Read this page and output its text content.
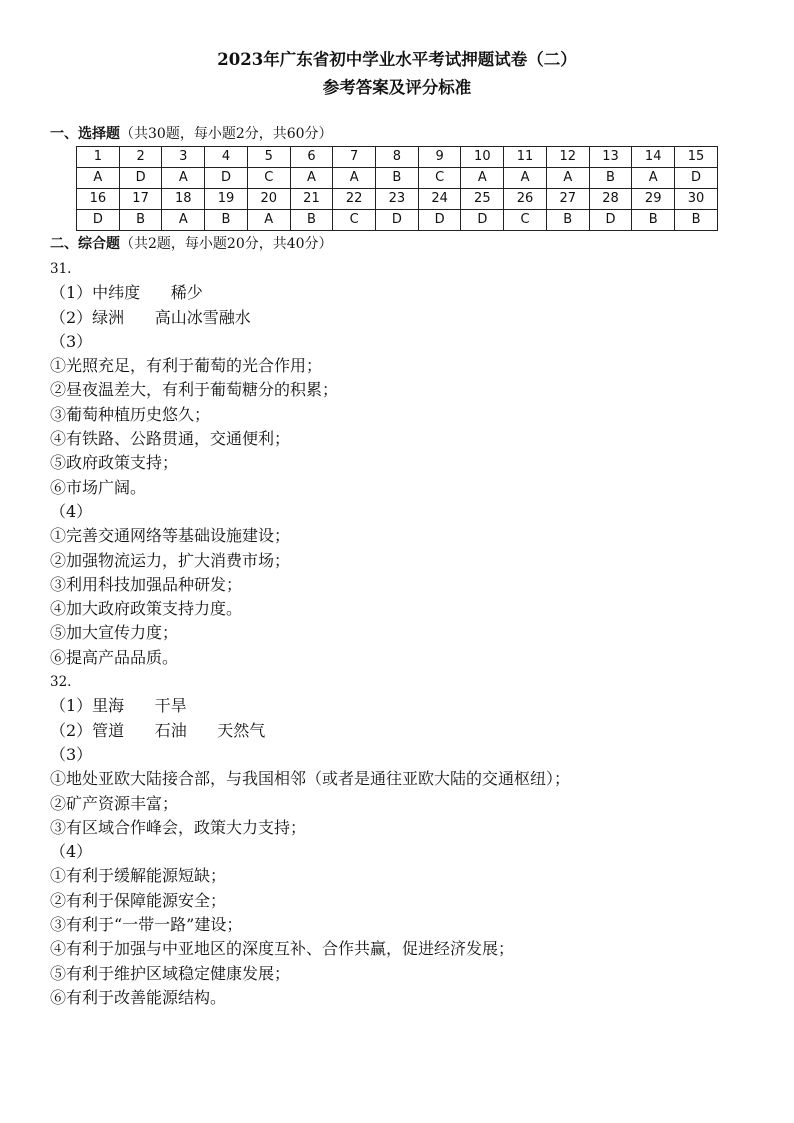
2023年广东省初中学业水平考试押题试卷（二）
参考答案及评分标准
一、选择题（共30题，每小题2分，共60分）
1	2	3	4	5	6	7	8	9	10	11	12	13	14	15
A	D	A	D	C	A	A	B	C	A	A	A	B	A	D
16	17	18	19	20	21	22	23	24	25	26	27	28	29	30
D	B	A	B	A	B	C	D	D	D	C	B	D	B	B
二、综合题（共2题，每小题20分，共40分）
31.
（1）中纬度      稀少
（2）绿洲      高山冰雪融水
（3）
①光照充足，有利于葡萄的光合作用；
②昼夜温差大，有利于葡萄糖分的积累；
③葡萄种植历史悠久；
④有铁路、公路贯通，交通便利；
⑤政府政策支持；
⑥市场广阔。
（4）
①完善交通网络等基础设施建设；
②加强物流运力，扩大消费市场；
③利用科技加强品种研发；
④加大政府政策支持力度。
⑤加大宣传力度；
⑥提高产品品质。
32.
（1）里海      干旱
（2）管道      石油      天然气
（3）
①地处亚欧大陆接合部，与我国相邻（或者是通往亚欧大陆的交通枢纽）；
②矿产资源丰富；
③有区域合作峰会，政策大力支持；
（4）
①有利于缓解能源短缺；
②有利于保障能源安全；
③有利于“一带一路”建设；
④有利于加强与中亚地区的深度互补、合作共赢，促进经济发展；
⑤有利于维护区域稳定健康发展；
⑥有利于改善能源结构。
